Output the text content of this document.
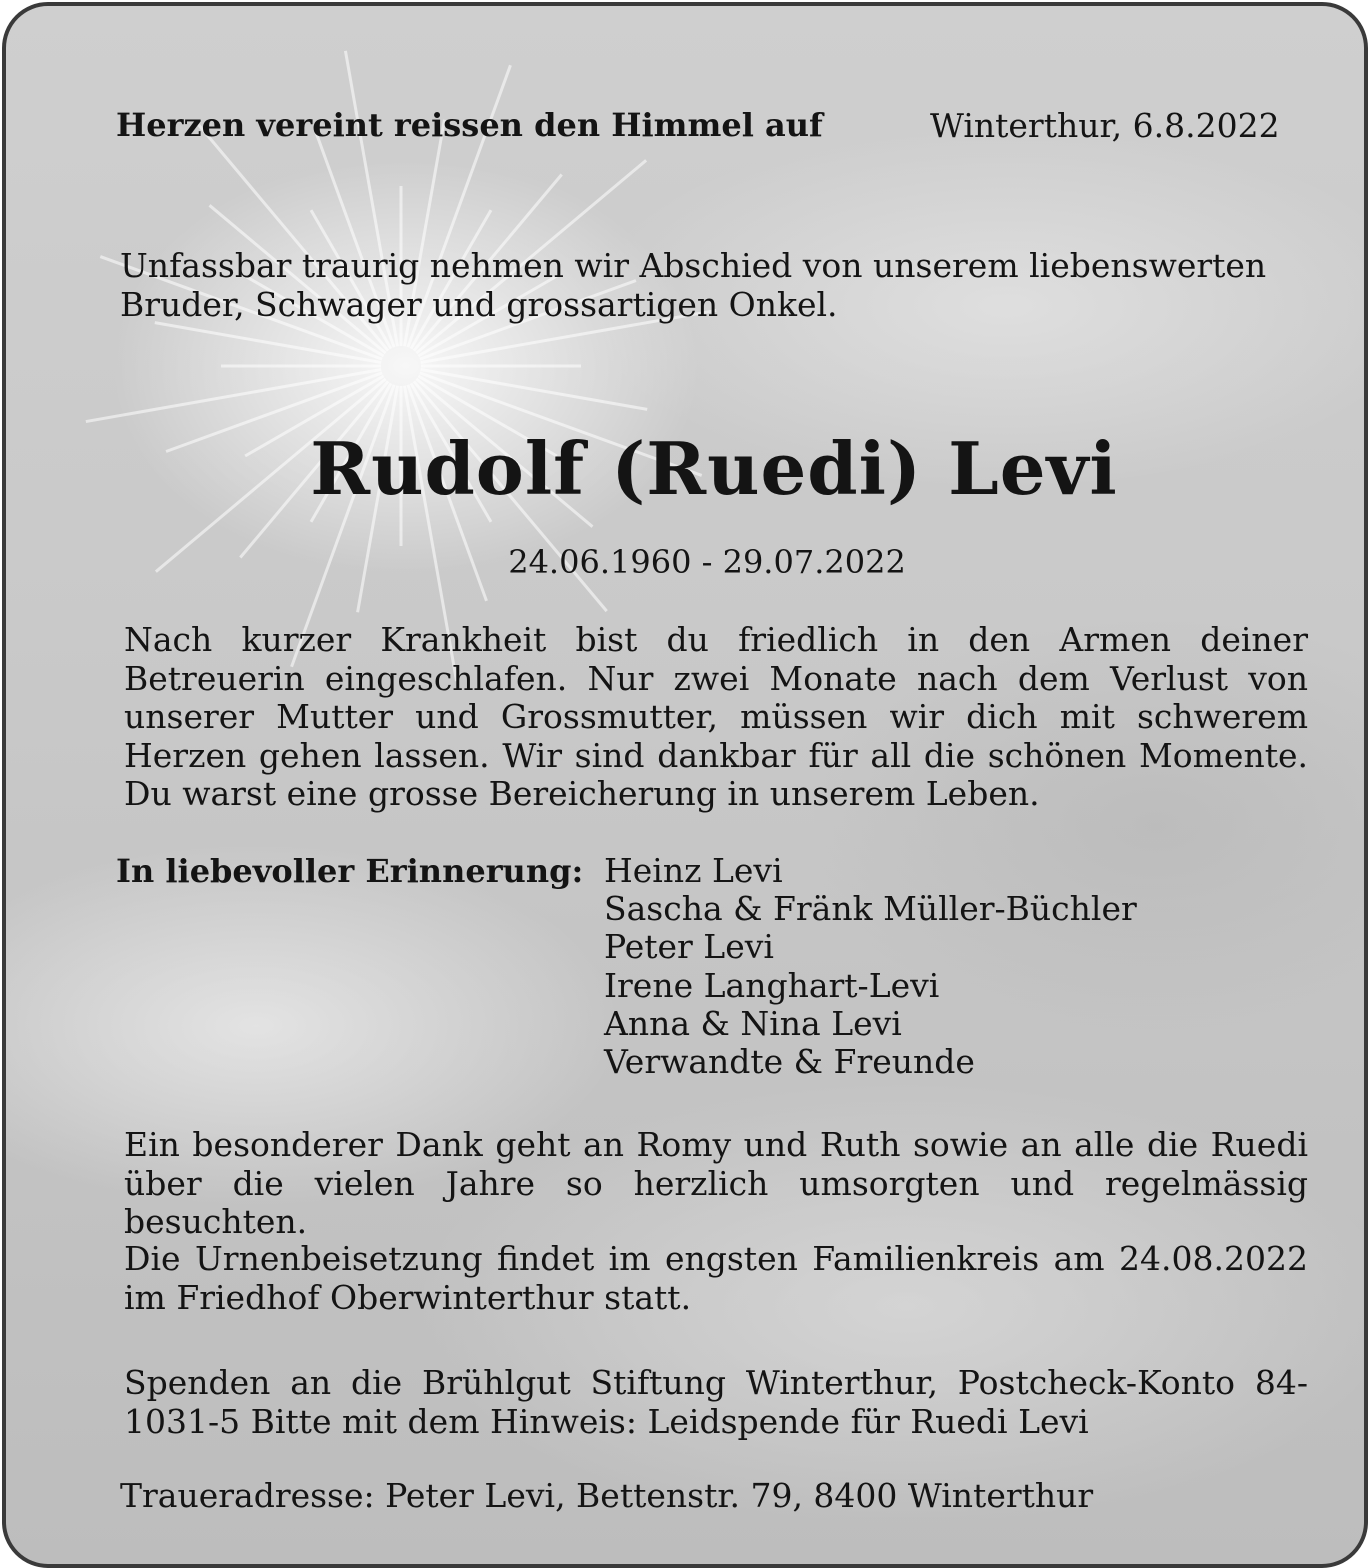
Herzen vereint reissen den Himmel auf	Winterthur, 6.8.2022
Unfassbar traurig nehmen wir Abschied von unserem liebenswerten Bruder, Schwager und grossartigen Onkel.
Rudolf (Ruedi) Levi
24.06.1960 - 29.07.2022
Nach kurzer Krankheit bist du friedlich in den Armen deiner Betreuerin eingeschlafen. Nur zwei Monate nach dem Verlust von unserer Mutter und Grossmutter, müssen wir dich mit schwerem Herzen gehen lassen. Wir sind dankbar für all die schönen Momente. Du warst eine grosse Bereicherung in unserem Leben.
In liebevoller Erinnerung: Heinz Levi
Sascha & Fränk Müller-Büchler
Peter Levi
Irene Langhart-Levi
Anna & Nina Levi
Verwandte & Freunde
Ein besonderer Dank geht an Romy und Ruth sowie an alle die Ruedi über die vielen Jahre so herzlich umsorgten und regelmässig besuchten.
Die Urnenbeisetzung findet im engsten Familienkreis am 24.08.2022 im Friedhof Oberwinterthur statt.
Spenden an die Brühlgut Stiftung Winterthur, Postcheck-Konto 84-1031-5 Bitte mit dem Hinweis: Leidspende für Ruedi Levi
Traueradresse: Peter Levi, Bettenstr. 79, 8400 Winterthur
